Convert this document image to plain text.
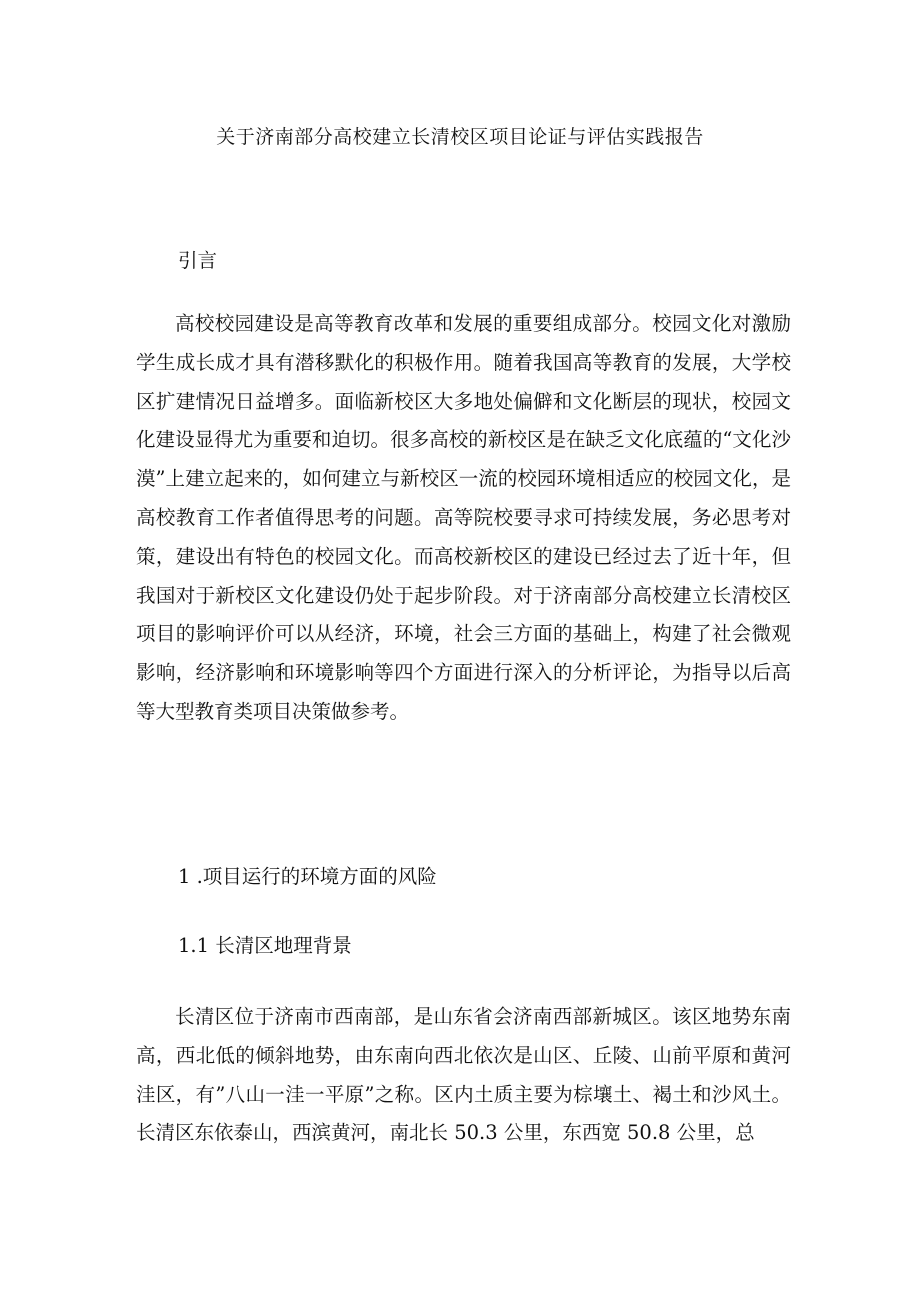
关于济南部分高校建立长清校区项目论证与评估实践报告
引言

高校校园建设是高等教育改革和发展的重要组成部分。校园文化对激励学生成长成才具有潜移默化的积极作用。随着我国高等教育的发展，大学校区扩建情况日益增多。面临新校区大多地处偏僻和文化断层的现状，校园文化建设显得尤为重要和迫切。很多高校的新校区是在缺乏文化底蕴的“文化沙漠”上建立起来的，如何建立与新校区一流的校园环境相适应的校园文化，是高校教育工作者值得思考的问题。高等院校要寻求可持续发展，务必思考对策，建设出有特色的校园文化。而高校新校区的建设已经过去了近十年，但我国对于新校区文化建设仍处于起步阶段。对于济南部分高校建立长清校区项目的影响评价可以从经济，环境，社会三方面的基础上，构建了社会微观影响，经济影响和环境影响等四个方面进行深入的分析评论，为指导以后高等大型教育类项目决策做参考。

1 .项目运行的环境方面的风险
1.1 长清区地理背景

长清区位于济南市西南部，是山东省会济南西部新城区。该区地势东南高，西北低的倾斜地势，由东南向西北依次是山区、丘陵、山前平原和黄河洼区，有”八山一洼一平原”之称。区内土质主要为棕壤土、褐土和沙风土。长清区东依泰山，西滨黄河，南北长 50.3 公里，东西宽 50.8 公里，总
